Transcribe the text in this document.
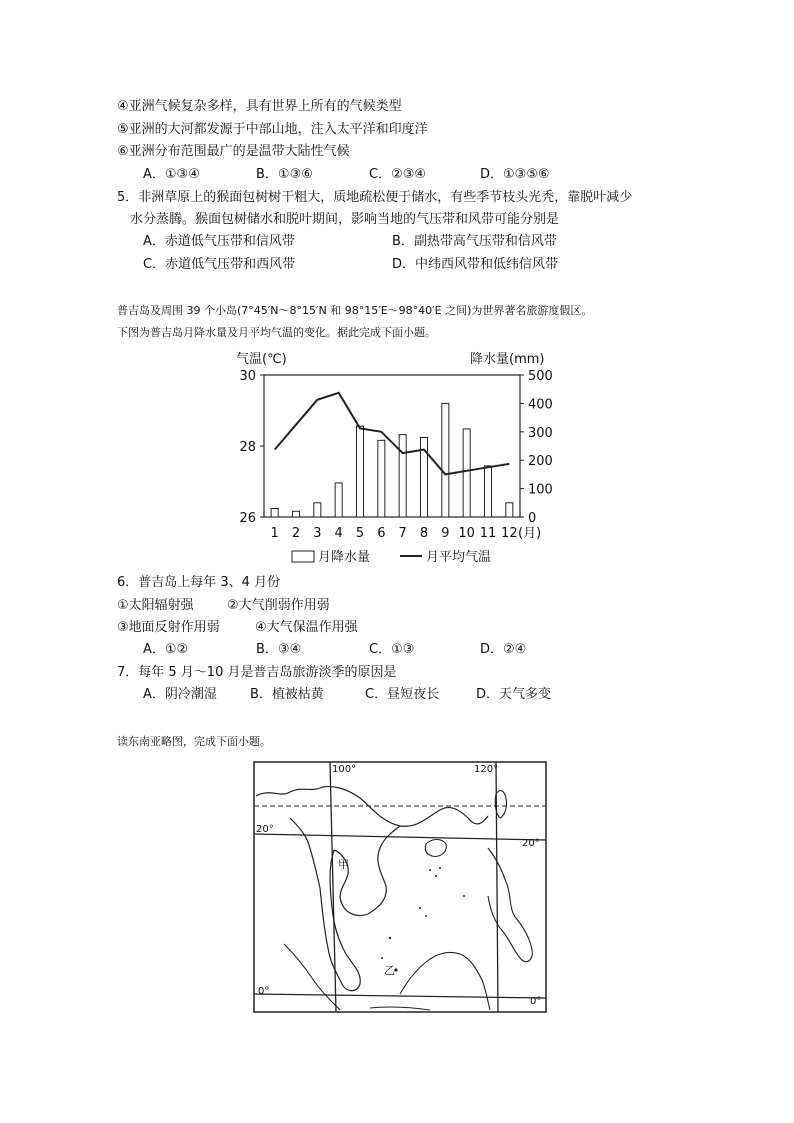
④亚洲气候复杂多样，具有世界上所有的气候类型
⑤亚洲的大河都发源于中部山地，注入太平洋和印度洋
⑥亚洲分布范围最广的是温带大陆性气候
A．①③④	B．①③⑥	C．②③④	D．①③⑤⑥
5．非洲草原上的猴面包树树干粗大，质地疏松便于储水，有些季节枝头光秃，靠脱叶减少
水分蒸腾。猴面包树储水和脱叶期间，影响当地的气压带和风带可能分别是
A．赤道低气压带和信风带	B．副热带高气压带和信风带
C．赤道低气压带和西风带	D．中纬西风带和低纬信风带
普吉岛及周围 39 个小岛(7°45′N～8°15′N 和 98°15′E～98°40′E 之间)为世界著名旅游度假区。
下图为普吉岛月降水量及月平均气温的变化。据此完成下面小题。
气温(℃)	降水量(mm)
30
28
26
500
400
300
200
100
0
1 2 3 4 5 6 7 8 9 10 11 12 (月)
月降水量	月平均气温
6．普吉岛上每年 3、4 月份
①太阳辐射强	②大气削弱作用弱
③地面反射作用弱	④大气保温作用强
A．①②	B．③④	C．①③	D．②④
7．每年 5 月～10 月是普吉岛旅游淡季的原因是
A．阴冷潮湿	B．植被枯黄	C．昼短夜长	D．天气多变
读东南亚略图，完成下面小题。
100°	120°
20°
20°
0°
0°
甲
乙
